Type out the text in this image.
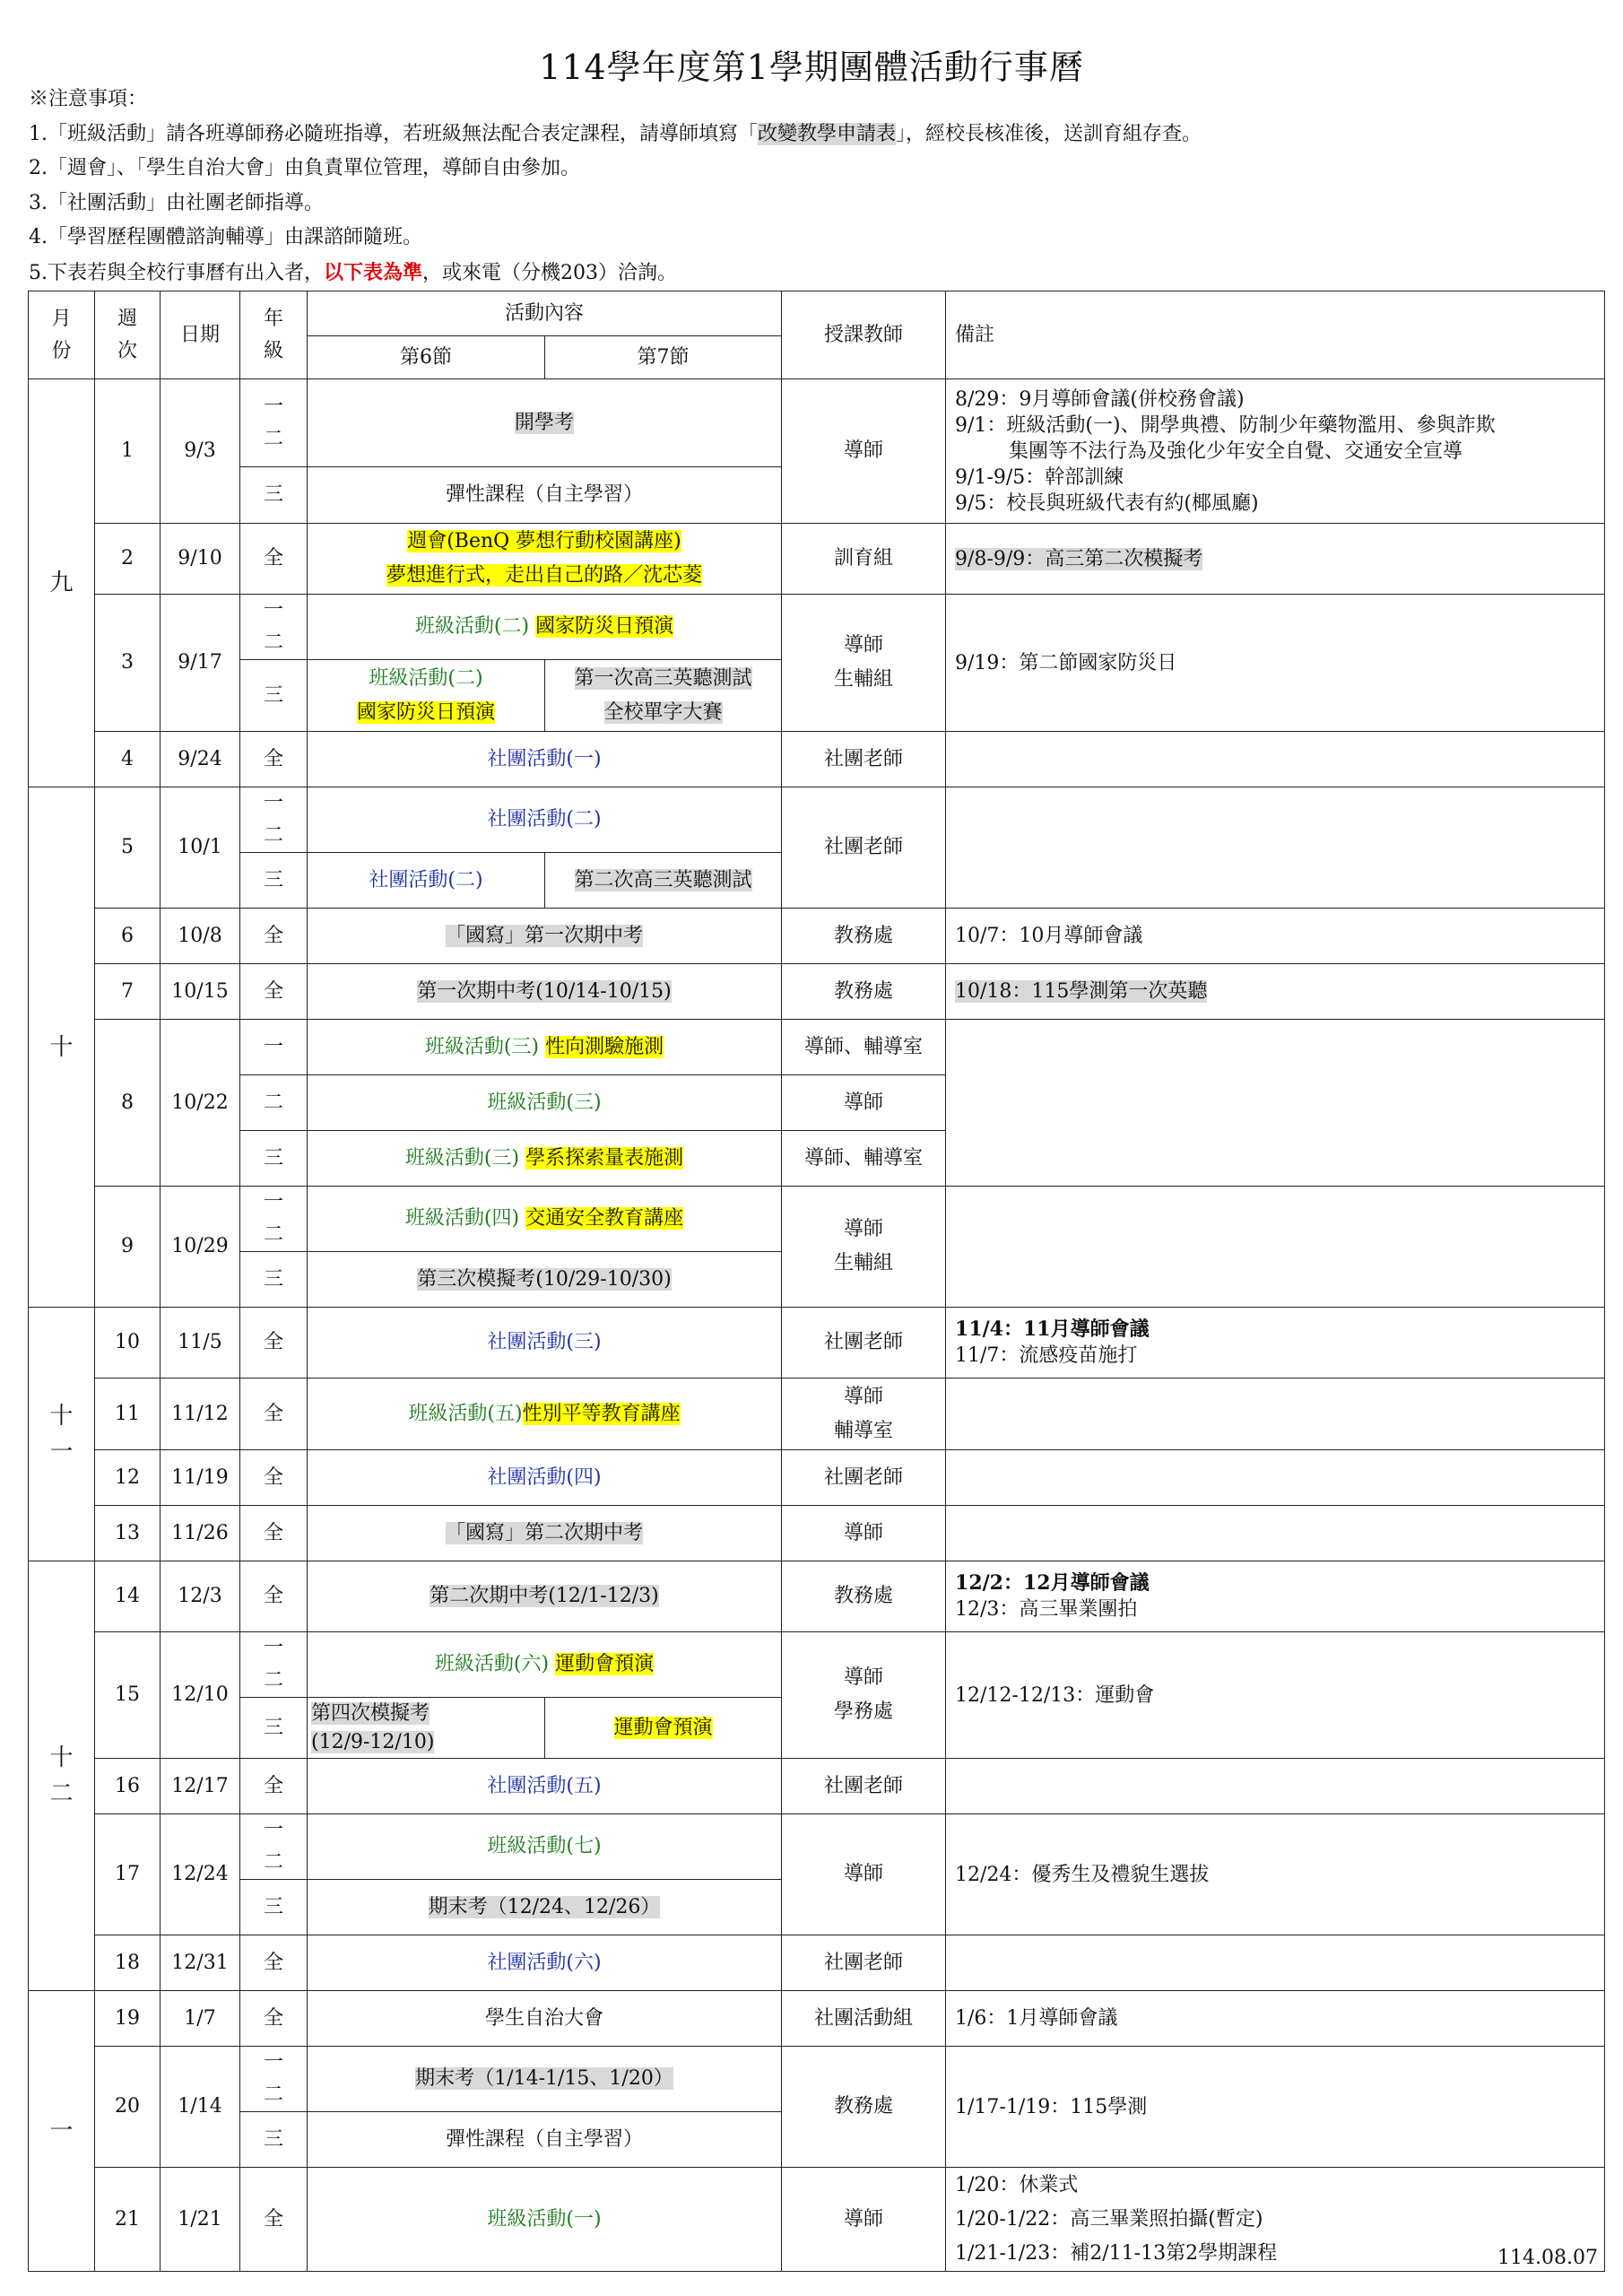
114學年度第1學期團體活動行事曆
※注意事項：
1.「班級活動」請各班導師務必隨班指導，若班級無法配合表定課程，請導師填寫「改變教學申請表」，經校長核准後，送訓育組存查。
2.「週會」、「學生自治大會」由負責單位管理，導師自由參加。
3.「社團活動」由社團老師指導。
4.「學習歷程團體諮詢輔導」由課諮師隨班。
5.下表若與全校行事曆有出入者，以下表為準，或來電（分機203）洽詢。
月份	週次	日期	年級	活動內容		授課教師	備註
				第6節	第7節		
九	1	9/3	一二	開學考		導師	8/29：9月導師會議(併校務會議)
9/1：班級活動(一)、開學典禮、防制少年藥物濫用、參與詐欺
集團等不法行為及強化少年安全自覺、交通安全宣導
9/1-9/5：幹部訓練
9/5：校長與班級代表有約(椰風廳)

			三	彈性課程（自主學習）			
	2	9/10	全	週會(BenQ 夢想行動校園講座)
夢想進行式，走出自己的路／沈芯菱		訓育組	9/8-9/9：高三第二次模擬考
	3	9/17	一二	班級活動(二) 國家防災日預演		導師
生輔組	9/19：第二節國家防災日
			三	班級活動(二)
國家防災日預演	第一次高三英聽測試
全校單字大賽		
	4	9/24	全	社團活動(一)		社團老師	
十	5	10/1	一二	社團活動(二)		社團老師	
			三	社團活動(二)	第二次高三英聽測試		
	6	10/8	全	「國寫」第一次期中考		教務處	10/7：10月導師會議
	7	10/15	全	第一次期中考(10/14-10/15)		教務處	10/18：115學測第一次英聽
	8	10/22	一	班級活動(三) 性向測驗施測		導師、輔導室	
			二	班級活動(三)		導師	
			三	班級活動(三) 學系探索量表施測		導師、輔導室	
	9	10/29	一二	班級活動(四) 交通安全教育講座		導師
生輔組	

			三	第三次模擬考(10/29-10/30)			
十一	10	11/5	全	社團活動(三)		社團老師	11/4：11月導師會議
11/7：流感疫苗施打

	11	11/12	全	班級活動(五)性別平等教育講座		導師
輔導室	

	12	11/19	全	社團活動(四)		社團老師	
	13	11/26	全	「國寫」第二次期中考		導師	
十二	14	12/3	全	第二次期中考(12/1-12/3)		教務處	12/2：12月導師會議
12/3：高三畢業團拍

	15	12/10	一二	班級活動(六) 運動會預演		導師
學務處	12/12-12/13：運動會
			三	第四次模擬考
(12/9-12/10)	運動會預演		
	16	12/17	全	社團活動(五)		社團老師	
	17	12/24	一二	班級活動(七)		導師	12/24：優秀生及禮貌生選拔
			三	期末考（12/24、12/26）			
	18	12/31	全	社團活動(六)		社團老師	
一	19	1/7	全	學生自治大會		社團活動組	1/6：1月導師會議
	20	1/14	一二	期末考（1/14-1/15、1/20）		教務處	1/17-1/19：115學測
			三	彈性課程（自主學習）			
	21	1/21	全	班級活動(一)		導師	1/20：休業式
1/20-1/22：高三畢業照拍攝(暫定)
1/21-1/23：補2/11-13第2學期課程	114.08.07
